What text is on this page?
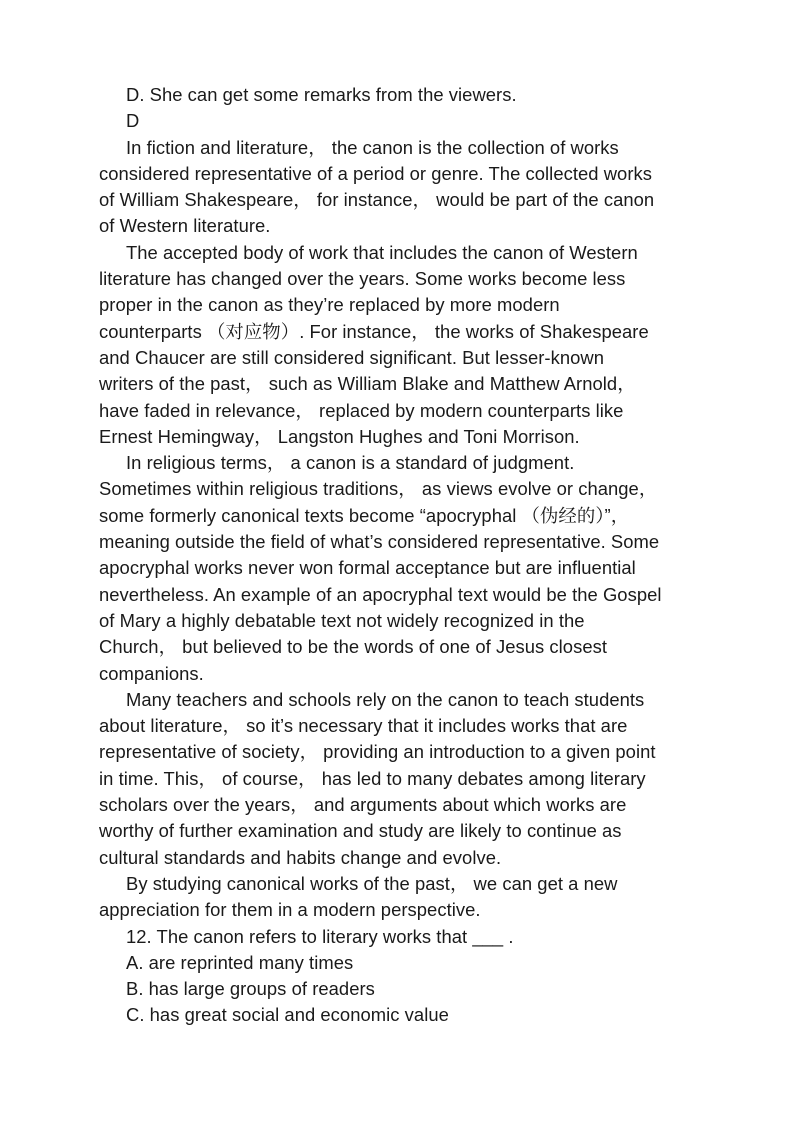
D. She can get some remarks from the viewers.
D
In fiction and literature， the canon is the collection of works
considered representative of a period or genre. The collected works
of William Shakespeare， for instance， would be part of the canon
of Western literature.
The accepted body of work that includes the canon of Western
literature has changed over the years. Some works become less
proper in the canon as they’re replaced by more modern
counterparts （对应物）. For instance， the works of Shakespeare
and Chaucer are still considered significant. But lesser-known
writers of the past， such as William Blake and Matthew Arnold，
have faded in relevance， replaced by modern counterparts like
Ernest Hemingway， Langston Hughes and Toni Morrison.
In religious terms， a canon is a standard of judgment.
Sometimes within religious traditions， as views evolve or change，
some formerly canonical texts become “apocryphal （伪经的）”，
meaning outside the field of what’s considered representative. Some
apocryphal works never won formal acceptance but are influential
nevertheless. An example of an apocryphal text would be the Gospel
of Mary a highly debatable text not widely recognized in the
Church， but believed to be the words of one of Jesus closest
companions.
Many teachers and schools rely on the canon to teach students
about literature， so it’s necessary that it includes works that are
representative of society， providing an introduction to a given point
in time. This， of course， has led to many debates among literary
scholars over the years， and arguments about which works are
worthy of further examination and study are likely to continue as
cultural standards and habits change and evolve.
By studying canonical works of the past， we can get a new
appreciation for them in a modern perspective.
12. The canon refers to literary works that ___ .
A. are reprinted many times
B. has large groups of readers
C. has great social and economic value
